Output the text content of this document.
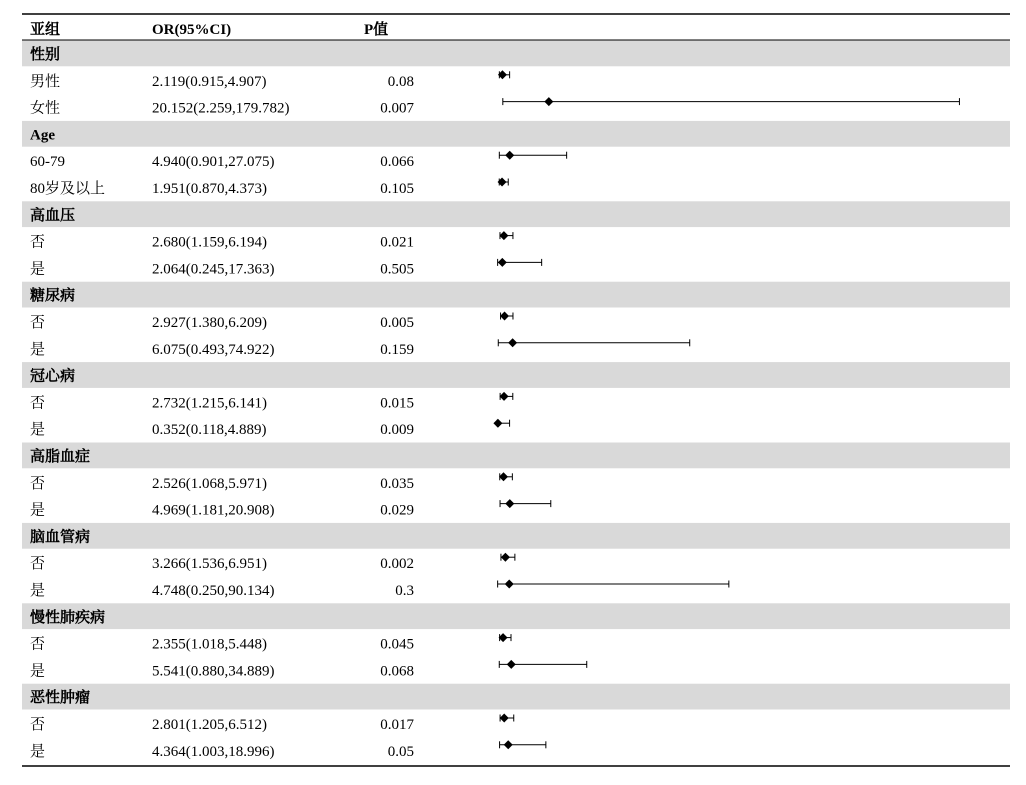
亚组	OR(95%CI)	P值
性别
男性	2.119(0.915,4.907)	0.08
女性	20.152(2.259,179.782)	0.007
Age
60-79	4.940(0.901,27.075)	0.066
80岁及以上	1.951(0.870,4.373)	0.105
高血压
否	2.680(1.159,6.194)	0.021
是	2.064(0.245,17.363)	0.505
糖尿病
否	2.927(1.380,6.209)	0.005
是	6.075(0.493,74.922)	0.159
冠心病
否	2.732(1.215,6.141)	0.015
是	0.352(0.118,4.889)	0.009
高脂血症
否	2.526(1.068,5.971)	0.035
是	4.969(1.181,20.908)	0.029
脑血管病
否	3.266(1.536,6.951)	0.002
是	4.748(0.250,90.134)	0.3
慢性肺疾病
否	2.355(1.018,5.448)	0.045
是	5.541(0.880,34.889)	0.068
恶性肿瘤
否	2.801(1.205,6.512)	0.017
是	4.364(1.003,18.996)	0.05
